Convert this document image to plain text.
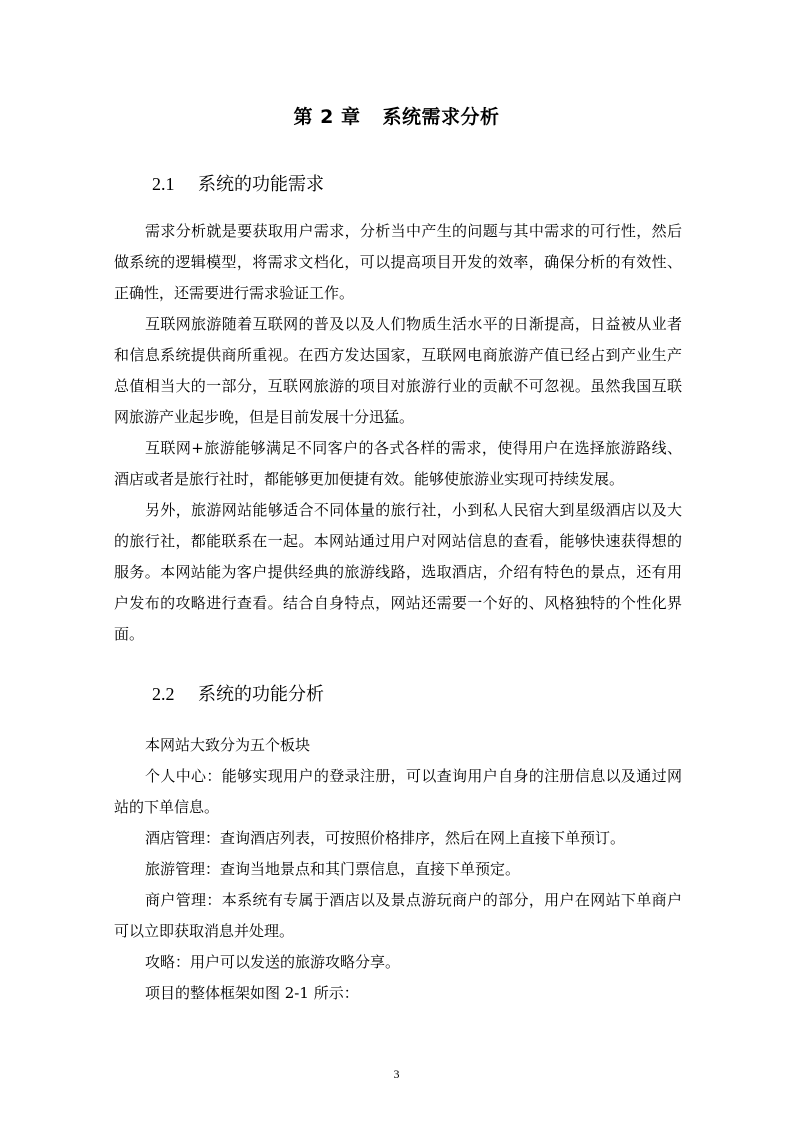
第 2 章 系统需求分析
2.1 系统的功能需求

需求分析就是要获取用户需求，分析当中产生的问题与其中需求的可行性，然后做系统的逻辑模型，将需求文档化，可以提高项目开发的效率，确保分析的有效性、正确性，还需要进行需求验证工作。

互联网旅游随着互联网的普及以及人们物质生活水平的日渐提高，日益被从业者和信息系统提供商所重视。在西方发达国家，互联网电商旅游产值已经占到产业生产总值相当大的一部分，互联网旅游的项目对旅游行业的贡献不可忽视。虽然我国互联网旅游产业起步晚，但是目前发展十分迅猛。

互联网+旅游能够满足不同客户的各式各样的需求，使得用户在选择旅游路线、酒店或者是旅行社时，都能够更加便捷有效。能够使旅游业实现可持续发展。

另外，旅游网站能够适合不同体量的旅行社，小到私人民宿大到星级酒店以及大的旅行社，都能联系在一起。本网站通过用户对网站信息的查看，能够快速获得想的服务。本网站能为客户提供经典的旅游线路，选取酒店，介绍有特色的景点，还有用户发布的攻略进行查看。结合自身特点，网站还需要一个好的、风格独特的个性化界面。

2.2 系统的功能分析

本网站大致分为五个板块

个人中心：能够实现用户的登录注册，可以查询用户自身的注册信息以及通过网站的下单信息。

酒店管理：查询酒店列表，可按照价格排序，然后在网上直接下单预订。

旅游管理：查询当地景点和其门票信息，直接下单预定。

商户管理：本系统有专属于酒店以及景点游玩商户的部分，用户在网站下单商户可以立即获取消息并处理。

攻略：用户可以发送的旅游攻略分享。

项目的整体框架如图 2-1 所示：

3
